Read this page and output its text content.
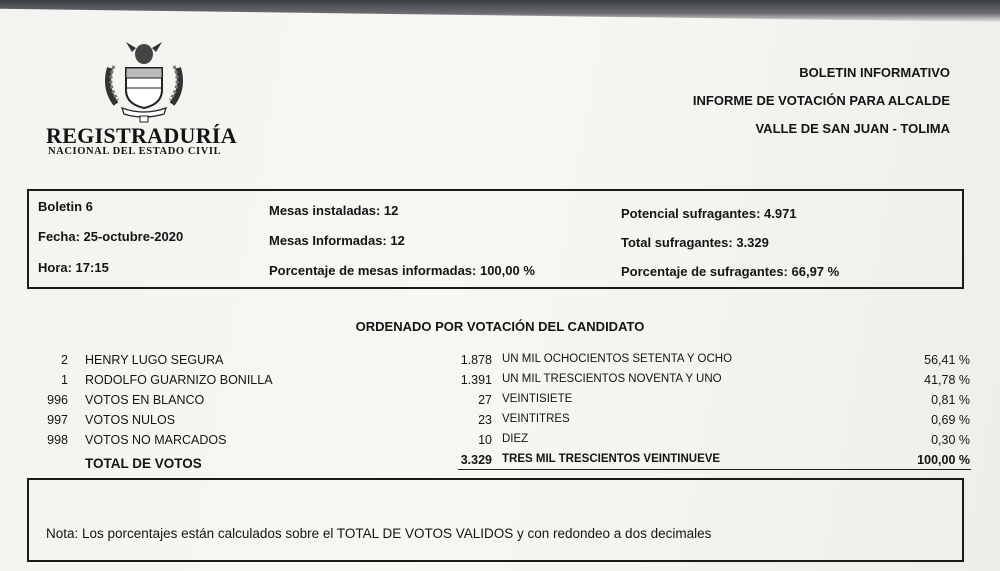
REGISTRADURÍA
NACIONAL DEL ESTADO CIVIL
BOLETIN INFORMATIVO
INFORME DE VOTACIÓN PARA ALCALDE
VALLE DE SAN JUAN - TOLIMA
Boletin 6
Fecha: 25-octubre-2020
Hora: 17:15
Mesas instaladas: 12
Mesas Informadas: 12
Porcentaje de mesas informadas: 100,00 %
Potencial sufragantes: 4.971
Total sufragantes: 3.329
Porcentaje de sufragantes: 66,97 %
ORDENADO POR VOTACIÓN DEL CANDIDATO
2 HENRY LUGO SEGURA	1.878 UN MIL OCHOCIENTOS SETENTA Y OCHO	56,41 %
1 RODOLFO GUARNIZO BONILLA	1.391 UN MIL TRESCIENTOS NOVENTA Y UNO	41,78 %
996 VOTOS EN BLANCO	27 VEINTISIETE	0,81 %
997 VOTOS NULOS	23 VEINTITRES	0,69 %
998 VOTOS NO MARCADOS	10 DIEZ	0,30 %
TOTAL DE VOTOS	3.329 TRES MIL TRESCIENTOS VEINTINUEVE	100,00 %
Nota: Los porcentajes están calculados sobre el TOTAL DE VOTOS VALIDOS y con redondeo a dos decimales
